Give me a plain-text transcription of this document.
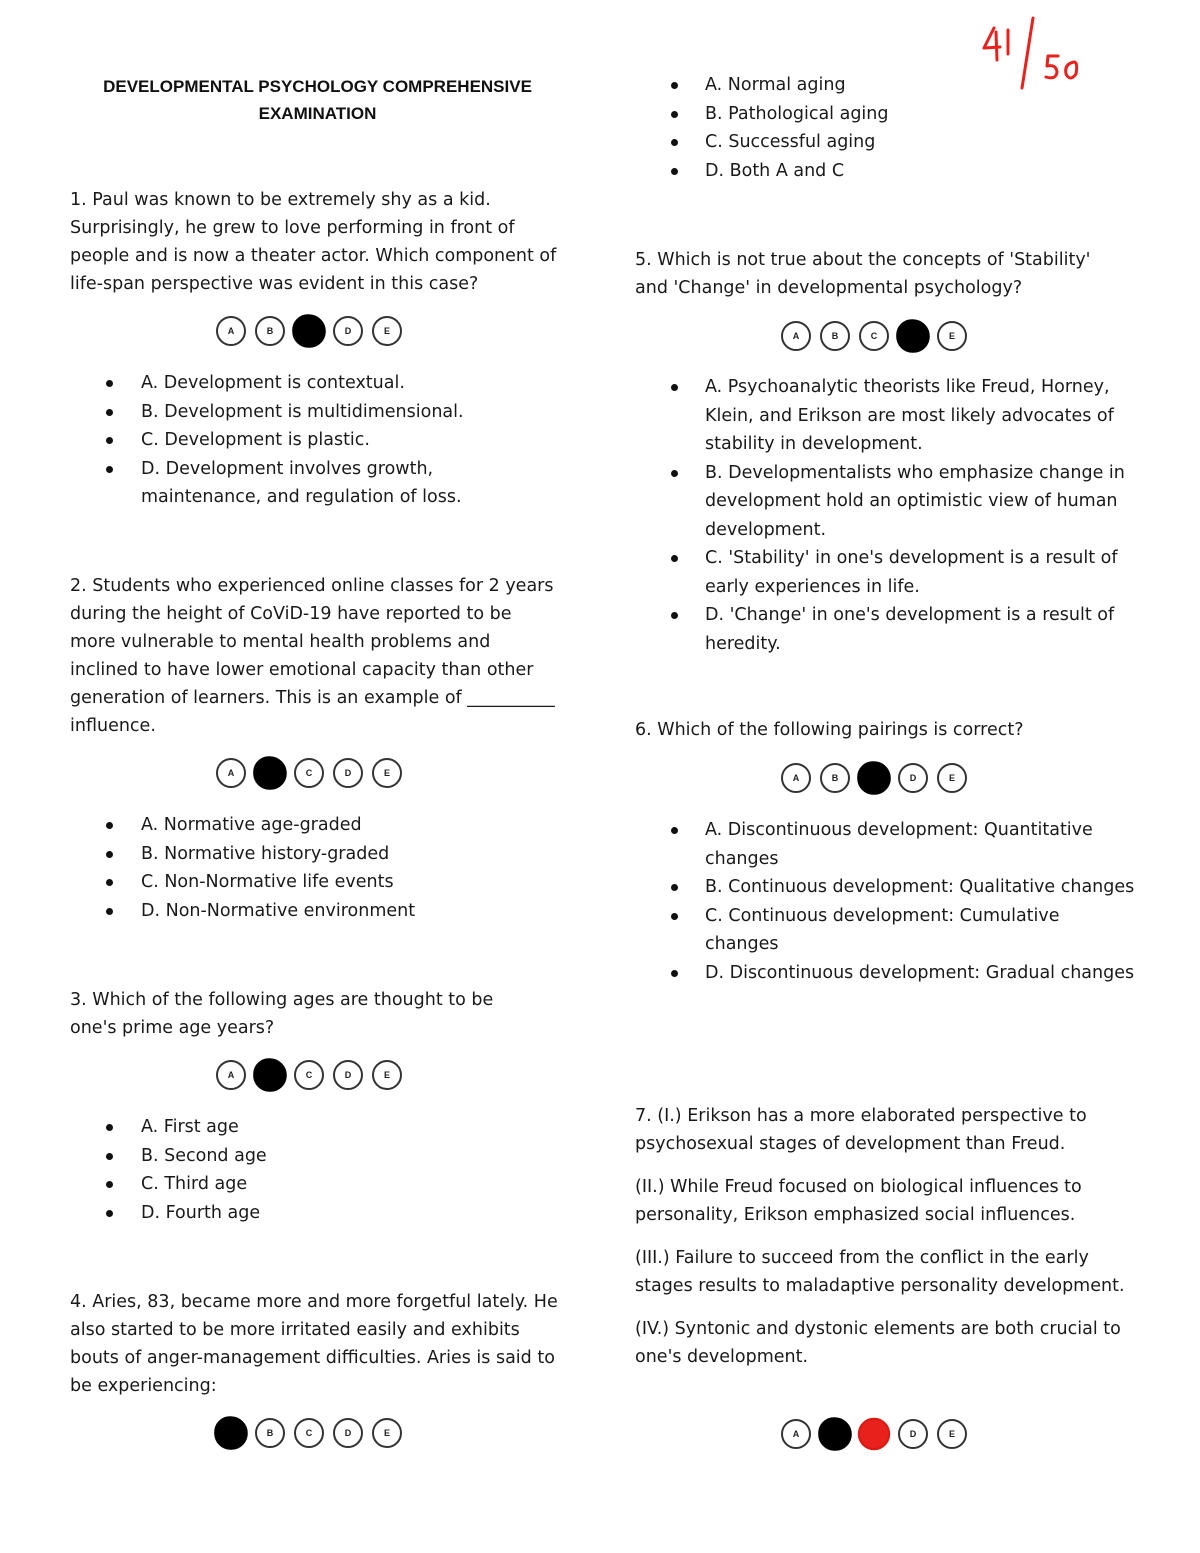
DEVELOPMENTAL PSYCHOLOGY COMPREHENSIVE
EXAMINATION

1. Paul was known to be extremely shy as a kid. Surprisingly, he grew to love performing in front of people and is now a theater actor. Which component of life-span perspective was evident in this case?

A	B	D	E
A. Development is contextual.
B. Development is multidimensional.
C. Development is plastic.
D. Development involves growth, maintenance, and regulation of loss.

2. Students who experienced online classes for 2 years during the height of CoViD-19 have reported to be more vulnerable to mental health problems and inclined to have lower emotional capacity than other generation of learners. This is an example of __________ influence.

A	C	D	E
A. Normative age-graded
B. Normative history-graded
C. Non-Normative life events
D. Non-Normative environment

3. Which of the following ages are thought to be one's prime age years?

A	C	D	E
A. First age
B. Second age
C. Third age
D. Fourth age

4. Aries, 83, became more and more forgetful lately. He also started to be more irritated easily and exhibits bouts of anger-management difficulties. Aries is said to be experiencing:

B	C	D	E
A. Normal aging
B. Pathological aging
C. Successful aging
D. Both A and C

5. Which is not true about the concepts of 'Stability' and 'Change' in developmental psychology?

A	B	C	E
A. Psychoanalytic theorists like Freud, Horney, Klein, and Erikson are most likely advocates of stability in development.
B. Developmentalists who emphasize change in development hold an optimistic view of human development.
C. 'Stability' in one's development is a result of early experiences in life.
D. 'Change' in one's development is a result of heredity.

6. Which of the following pairings is correct?

A	B	D	E
A. Discontinuous development: Quantitative changes
B. Continuous development: Qualitative changes
C. Continuous development: Cumulative changes
D. Discontinuous development: Gradual changes

7. (I.) Erikson has a more elaborated perspective to psychosexual stages of development than Freud.

(II.) While Freud focused on biological influences to personality, Erikson emphasized social influences.

(III.) Failure to succeed from the conflict in the early stages results to maladaptive personality development.

(IV.) Syntonic and dystonic elements are both crucial to one's development.

A	D	E
